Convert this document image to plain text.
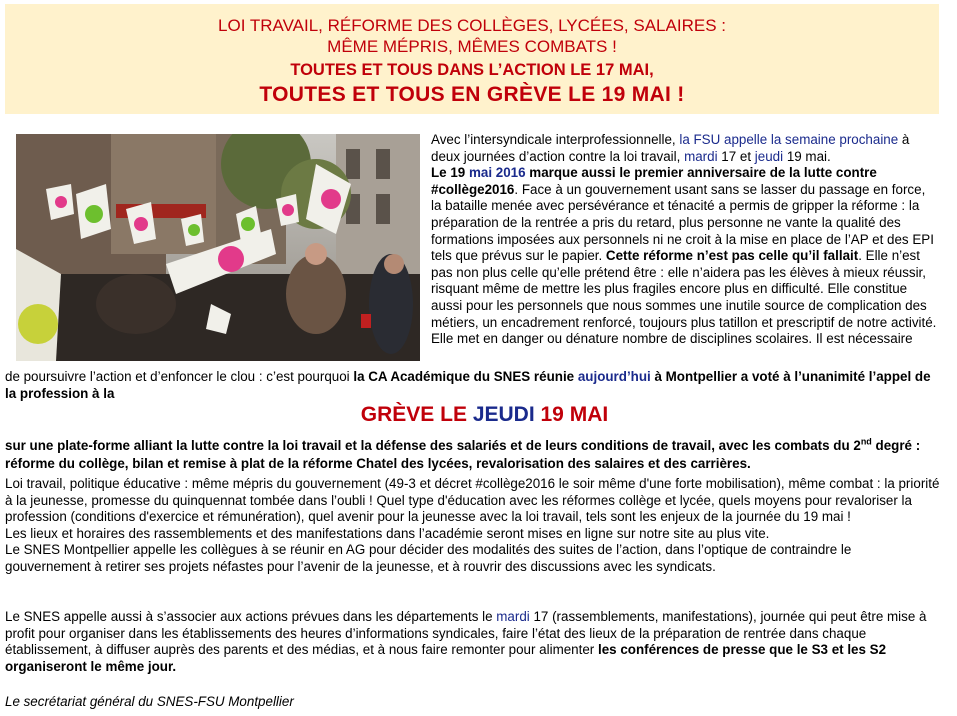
LOI TRAVAIL, RÉFORME DES COLLÈGES, LYCÉES, SALAIRES :
MÊME MÉPRIS, MÊMES COMBATS !
TOUTES ET TOUS DANS L’ACTION LE 17 MAI,
TOUTES ET TOUS EN GRÈVE LE 19 MAI !

Avec l’intersyndicale interprofessionnelle, la FSU appelle la semaine prochaine à deux journées d’action contre la loi travail, mardi 17 et jeudi 19 mai.
Le 19 mai 2016 marque aussi le premier anniversaire de la lutte contre #collège2016. Face à un gouvernement usant sans se lasser du passage en force, la bataille menée avec persévérance et ténacité a permis de gripper la réforme : la préparation de la rentrée a pris du retard, plus personne ne vante la qualité des formations imposées aux personnels ni ne croit à la mise en place de l’AP et des EPI tels que prévus sur le papier. Cette réforme n’est pas celle qu’il fallait. Elle n’est pas non plus celle qu’elle prétend être : elle n’aidera pas les élèves à mieux réussir, risquant même de mettre les plus fragiles encore plus en difficulté. Elle constitue aussi pour les personnels que nous sommes une inutile source de complication des métiers, un encadrement renforcé, toujours plus tatillon et prescriptif de notre activité. Elle met en danger ou dénature nombre de disciplines scolaires. Il est nécessaire

de poursuivre l’action et d’enfoncer le clou : c’est pourquoi la CA Académique du SNES réunie aujourd’hui à Montpellier a voté à l’unanimité l’appel de la profession à la

GRÈVE LE JEUDI 19 MAI

sur une plate-forme alliant la lutte contre la loi travail et la défense des salariés et de leurs conditions de travail, avec les combats du 2nd degré : réforme du collège, bilan et remise à plat de la réforme Chatel des lycées, revalorisation des salaires et des carrières.

Loi travail, politique éducative : même mépris du gouvernement (49-3 et décret #collège2016 le soir même d'une forte mobilisation), même combat : la priorité à la jeunesse, promesse du quinquennat tombée dans l’oubli ! Quel type d'éducation avec les réformes collège et lycée, quels moyens pour revaloriser la profession (conditions d'exercice et rémunération), quel avenir pour la jeunesse avec la loi travail, tels sont les enjeux de la journée du 19 mai !

Les lieux et horaires des rassemblements et des manifestations dans l’académie seront mises en ligne sur notre site au plus vite.

Le SNES Montpellier appelle les collègues à se réunir en AG pour décider des modalités des suites de l’action, dans l’optique de contraindre le gouvernement à retirer ses projets néfastes pour l’avenir de la jeunesse, et à rouvrir des discussions avec les syndicats.

Le SNES appelle aussi à s’associer aux actions prévues dans les départements le mardi 17 (rassemblements, manifestations), journée qui peut être mise à profit pour organiser dans les établissements des heures d’informations syndicales, faire l’état des lieux de la préparation de rentrée dans chaque établissement, à diffuser auprès des parents et des médias, et à nous faire remonter pour alimenter les conférences de presse que le S3 et les S2 organiseront le même jour.

Le secrétariat général du SNES-FSU Montpellier
